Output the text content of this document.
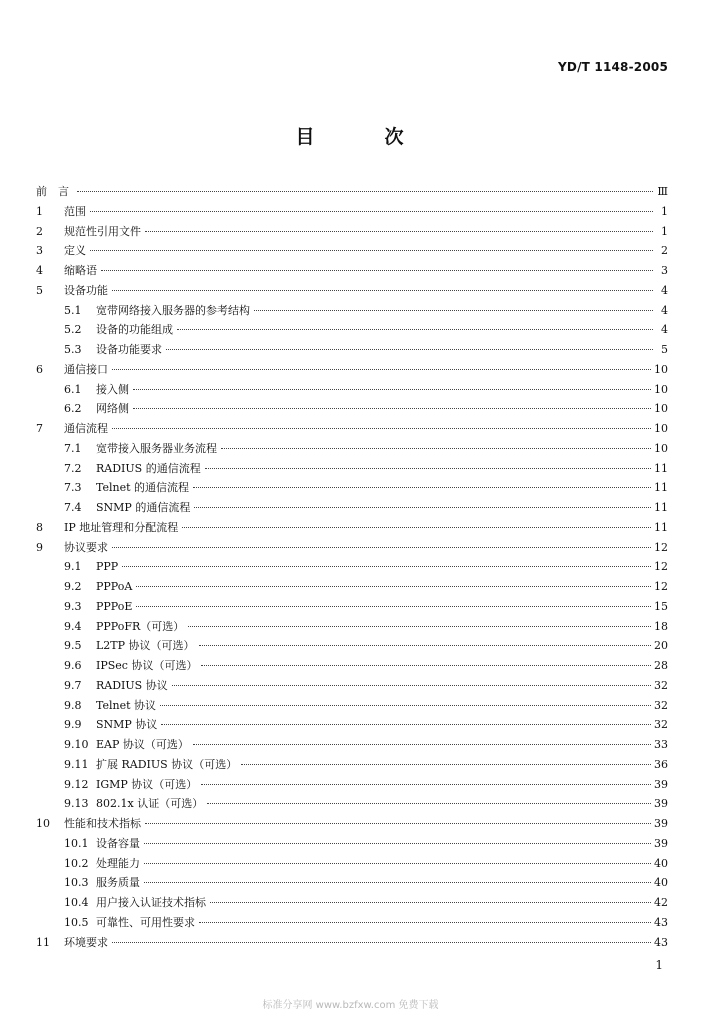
YD/T 1148-2005
目	次
前　言	Ⅲ
1	范围	1
2	规范性引用文件	1
3	定义	2
4	缩略语	3
5	设备功能	4
5.1	宽带网络接入服务器的参考结构	4
5.2	设备的功能组成	4
5.3	设备功能要求	5
6	通信接口	10
6.1	接入侧	10
6.2	网络侧	10
7	通信流程	10
7.1	宽带接入服务器业务流程	10
7.2	RADIUS 的通信流程	11
7.3	Telnet 的通信流程	11
7.4	SNMP 的通信流程	11
8	IP 地址管理和分配流程	11
9	协议要求	12
9.1	PPP	12
9.2	PPPoA	12
9.3	PPPoE	15
9.4	PPPoFR（可选）	18
9.5	L2TP 协议（可选）	20
9.6	IPSec 协议（可选）	28
9.7	RADIUS 协议	32
9.8	Telnet 协议	32
9.9	SNMP 协议	32
9.10 EAP 协议（可选）	33
9.11 扩展 RADIUS 协议（可选）	36
9.12 IGMP 协议（可选）	39
9.13 802.1x 认证（可选）	39
10	性能和技术指标	39
10.1 设备容量	39
10.2 处理能力	40
10.3 服务质量	40
10.4 用户接入认证技术指标	42
10.5 可靠性、可用性要求	43
11	环境要求	43
1
标准分享网 www.bzfxw.com 免费下载
